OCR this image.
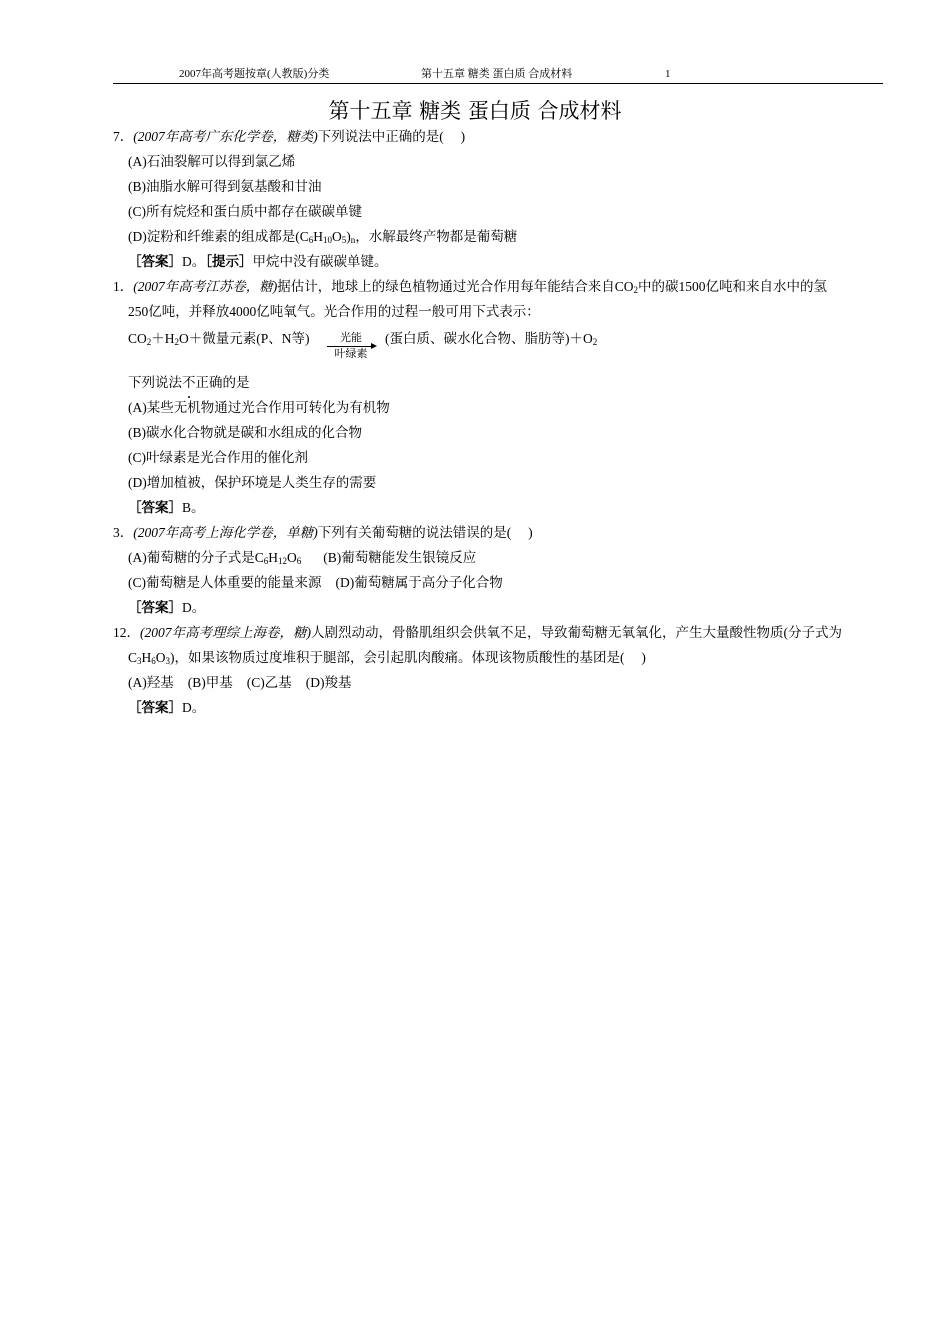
2007年高考题按章(人教版)分类	第十五章 糖类 蛋白质 合成材料	1
第十五章 糖类 蛋白质 合成材料
7．(2007年高考广东化学卷，糖类)下列说法中正确的是(　 )
(A)石油裂解可以得到氯乙烯
(B)油脂水解可得到氨基酸和甘油
(C)所有烷烃和蛋白质中都存在碳碳单键
(D)淀粉和纤维素的组成都是$(C_6H_{10}O_5)_n$，水解最终产物都是葡萄糖
［答案］D。［提示］甲烷中没有碳碳单键。
1．(2007年高考江苏卷，糖)据估计，地球上的绿色植物通过光合作用每年能结合来自$CO_2$中的碳1500亿吨和来自水中的氢
250亿吨，并释放4000亿吨氧气。光合作用的过程一般可用下式表示：
$CO_2+H_2O+$微量元素(P、N等)	光能
叶绿素
(蛋白质、碳水化合物、脂肪等)$+O_2$
下列说法不正确的是
(A)某些无机物通过光合作用可转化为有机物
(B)碳水化合物就是碳和水组成的化合物
(C)叶绿素是光合作用的催化剂
(D)增加植被，保护环境是人类生存的需要
［答案］B。
3．(2007年高考上海化学卷，单糖)下列有关葡萄糖的说法错误的是(　 )
(A)葡萄糖的分子式是$C_6H_{12}O_6$ (B)葡萄糖能发生银镜反应
(C)葡萄糖是人体重要的能量来源 (D)葡萄糖属于高分子化合物
［答案］D。
12．(2007年高考理综上海卷，糖)人剧烈动动，骨骼肌组织会供氧不足，导致葡萄糖无氧氧化，产生大量酸性物质(分子式为
$C_3H_6O_3$)，如果该物质过度堆积于腿部，会引起肌肉酸痛。体现该物质酸性的基团是(　 )
(A)羟基 (B)甲基 (C)乙基 (D)羧基
［答案］D。
